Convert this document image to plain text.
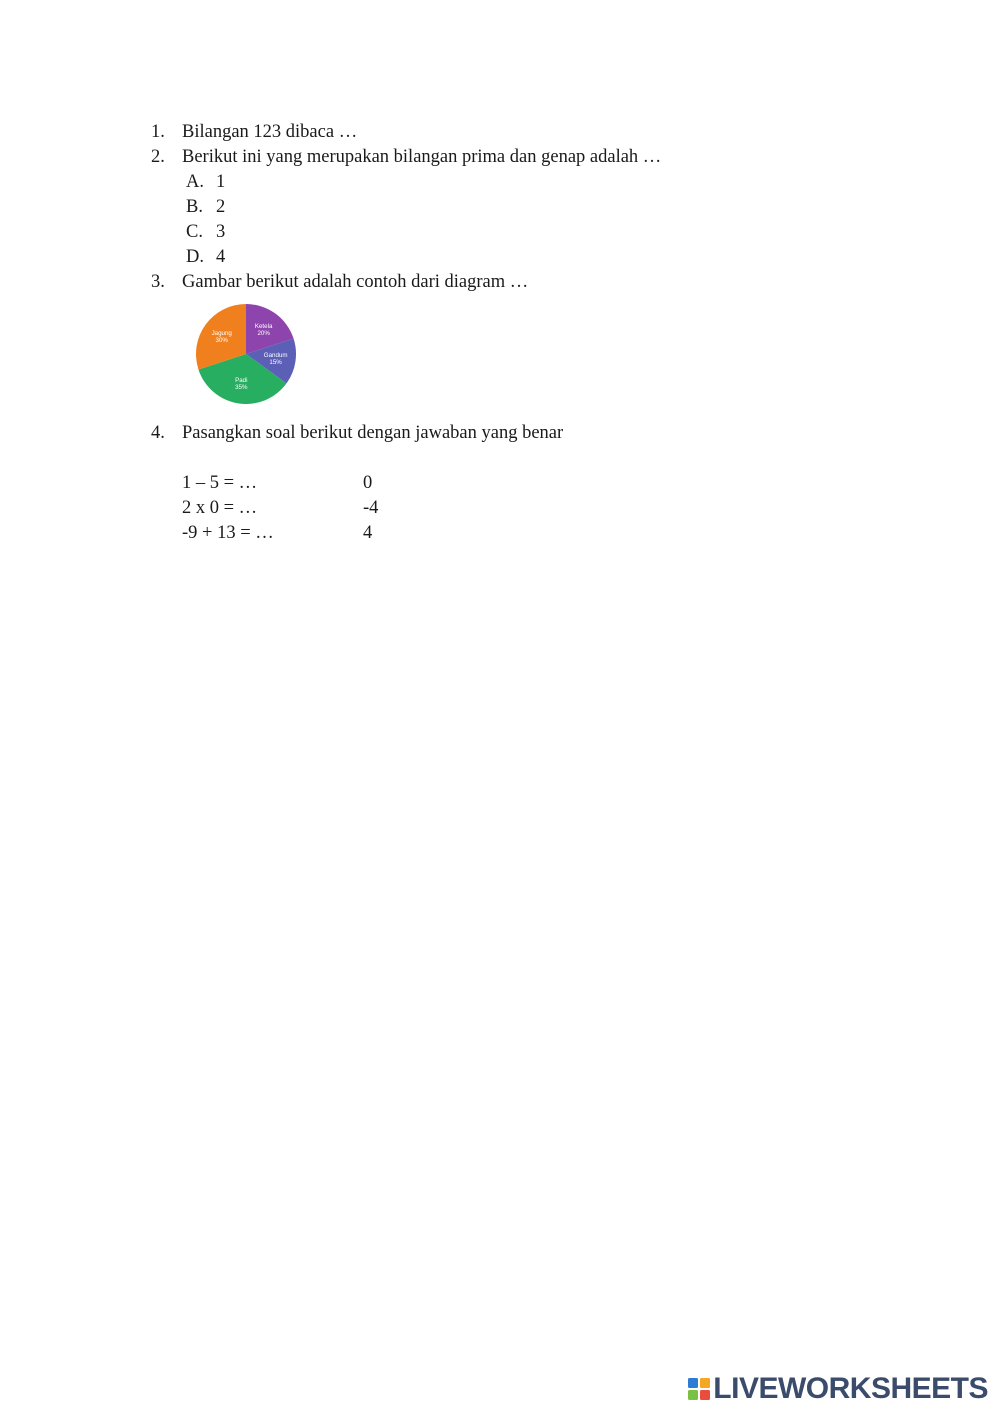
1. Bilangan 123 dibaca …
2. Berikut ini yang merupakan bilangan prima dan genap adalah …
A. 1
B. 2
C. 3
D. 4
3. Gambar berikut adalah contoh dari diagram …
Ketela
20%
Gandum
15%
Padi
35%
Jagung
30%
4. Pasangkan soal berikut dengan jawaban yang benar
1 – 5 = …	0
2 x 0 = …	-4
-9 + 13 = …	4
LIVEWORKSHEETS
